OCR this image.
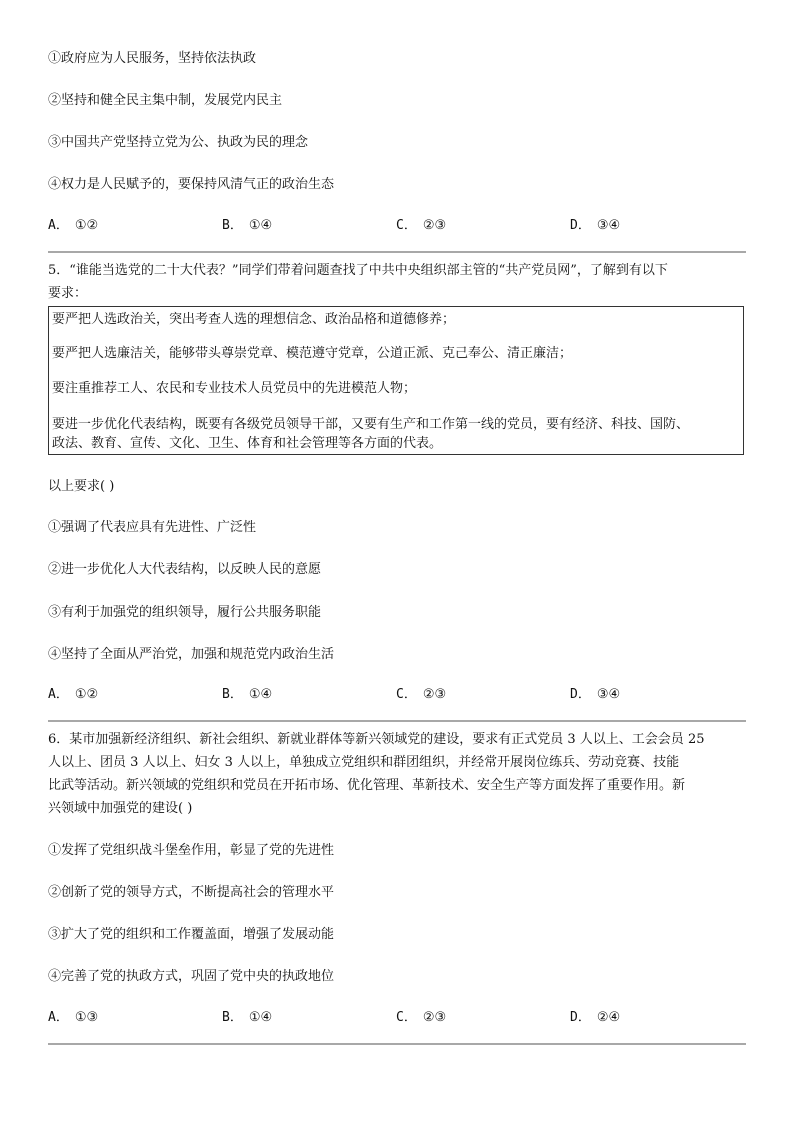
①政府应为人民服务，坚持依法执政
②坚持和健全民主集中制，发展党内民主
③中国共产党坚持立党为公、执政为民的理念
④权力是人民赋予的，要保持风清气正的政治生态
A． ①②	B． ①④	C． ②③	D． ③④
5．“谁能当选党的二十大代表？”同学们带着问题查找了中共中央组织部主管的“共产党员网”，了解到有以下
要求：
要严把人选政治关，突出考查人选的理想信念、政治品格和道德修养；
要严把人选廉洁关，能够带头尊崇党章、模范遵守党章，公道正派、克己奉公、清正廉洁；
要注重推荐工人、农民和专业技术人员党员中的先进模范人物；
要进一步优化代表结构，既要有各级党员领导干部，又要有生产和工作第一线的党员，要有经济、科技、国防、
政法、教育、宣传、文化、卫生、体育和社会管理等各方面的代表。
以上要求( )
①强调了代表应具有先进性、广泛性
②进一步优化人大代表结构，以反映人民的意愿
③有利于加强党的组织领导，履行公共服务职能
④坚持了全面从严治党，加强和规范党内政治生活
A． ①②	B． ①④	C． ②③	D． ③④
6．某市加强新经济组织、新社会组织、新就业群体等新兴领域党的建设，要求有正式党员 3 人以上、工会会员 25
人以上、团员 3 人以上、妇女 3 人以上，单独成立党组织和群团组织，并经常开展岗位练兵、劳动竞赛、技能
比武等活动。新兴领域的党组织和党员在开拓市场、优化管理、革新技术、安全生产等方面发挥了重要作用。新
兴领域中加强党的建设( )
①发挥了党组织战斗堡垒作用，彰显了党的先进性
②创新了党的领导方式，不断提高社会的管理水平
③扩大了党的组织和工作覆盖面，增强了发展动能
④完善了党的执政方式，巩固了党中央的执政地位
A． ①③	B． ①④	C． ②③	D． ②④
